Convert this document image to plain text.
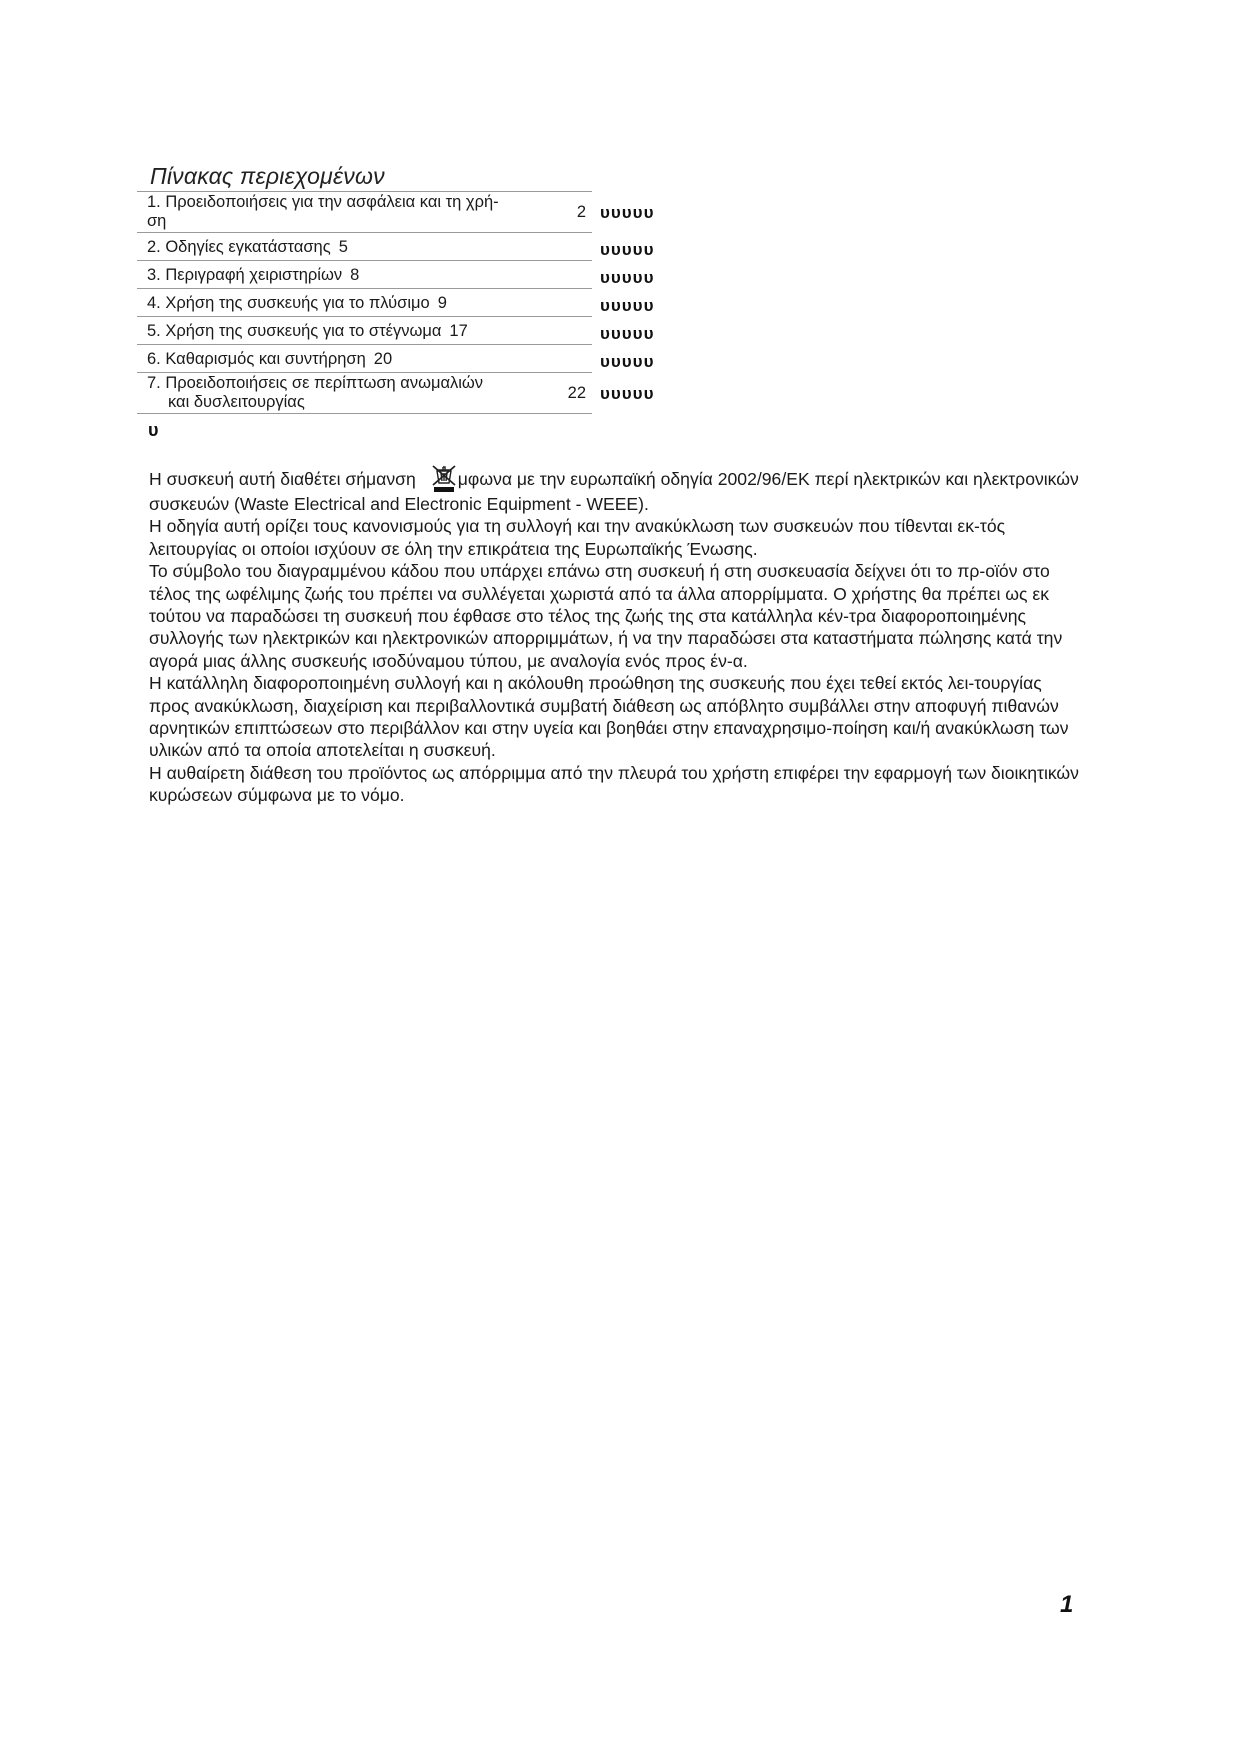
Πίνακας περιεχομένων
1. Προειδοποιήσεις για την ασφάλεια και τη χρή-
ση	2 υυυυυ
2. Οδηγίες εγκατάστασης 5	υυυυυ
3. Περιγραφή χειριστηρίων 8	υυυυυ
4. Χρήση της συσκευής για το πλύσιμο 9	υυυυυ
5. Χρήση της συσκευής για το στέγνωμα 17	υυυυυ
6. Καθαρισμός και συντήρηση 20	υυυυυ
7. Προειδοποιήσεις σε περίπτωση ανωμαλιών
και δυσλειτουργίας	22 υυυυυ
υ

Η συσκευή αυτή διαθέτει σήμανση μφωνα με την ευρωπαϊκή οδηγία 2002/96/ΕΚ περί ηλεκτρικών και ηλεκτρονικών συσκευών (Waste Electrical and Electronic Equipment - WEEE).

Η οδηγία αυτή ορίζει τους κανονισμούς για τη συλλογή και την ανακύκλωση των συσκευών που τίθενται εκ-τός λειτουργίας οι οποίοι ισχύουν σε όλη την επικράτεια της Ευρωπαϊκής Ένωσης.

Το σύμβολο του διαγραμμένου κάδου που υπάρχει επάνω στη συσκευή ή στη συσκευασία δείχνει ότι το πρ-οϊόν στο τέλος της ωφέλιμης ζωής του πρέπει να συλλέγεται χωριστά από τα άλλα απορρίμματα. Ο χρήστης θα πρέπει ως εκ τούτου να παραδώσει τη συσκευή που έφθασε στο τέλος της ζωής της στα κατάλληλα κέν-τρα διαφοροποιημένης συλλογής των ηλεκτρικών και ηλεκτρονικών απορριμμάτων, ή να την παραδώσει στα καταστήματα πώλησης κατά την αγορά μιας άλλης συσκευής ισοδύναμου τύπου, με αναλογία ενός προς έν-α.

Η κατάλληλη διαφοροποιημένη συλλογή και η ακόλουθη προώθηση της συσκευής που έχει τεθεί εκτός λει-τουργίας προς ανακύκλωση, διαχείριση και περιβαλλοντικά συμβατή διάθεση ως απόβλητο συμβάλλει στην αποφυγή πιθανών αρνητικών επιπτώσεων στο περιβάλλον και στην υγεία και βοηθάει στην επαναχρησιμο-ποίηση και/ή ανακύκλωση των υλικών από τα οποία αποτελείται η συσκευή.

Η αυθαίρετη διάθεση του προϊόντος ως απόρριμμα από την πλευρά του χρήστη επιφέρει την εφαρμογή των διοικητικών κυρώσεων σύμφωνα με το νόμο.

1
